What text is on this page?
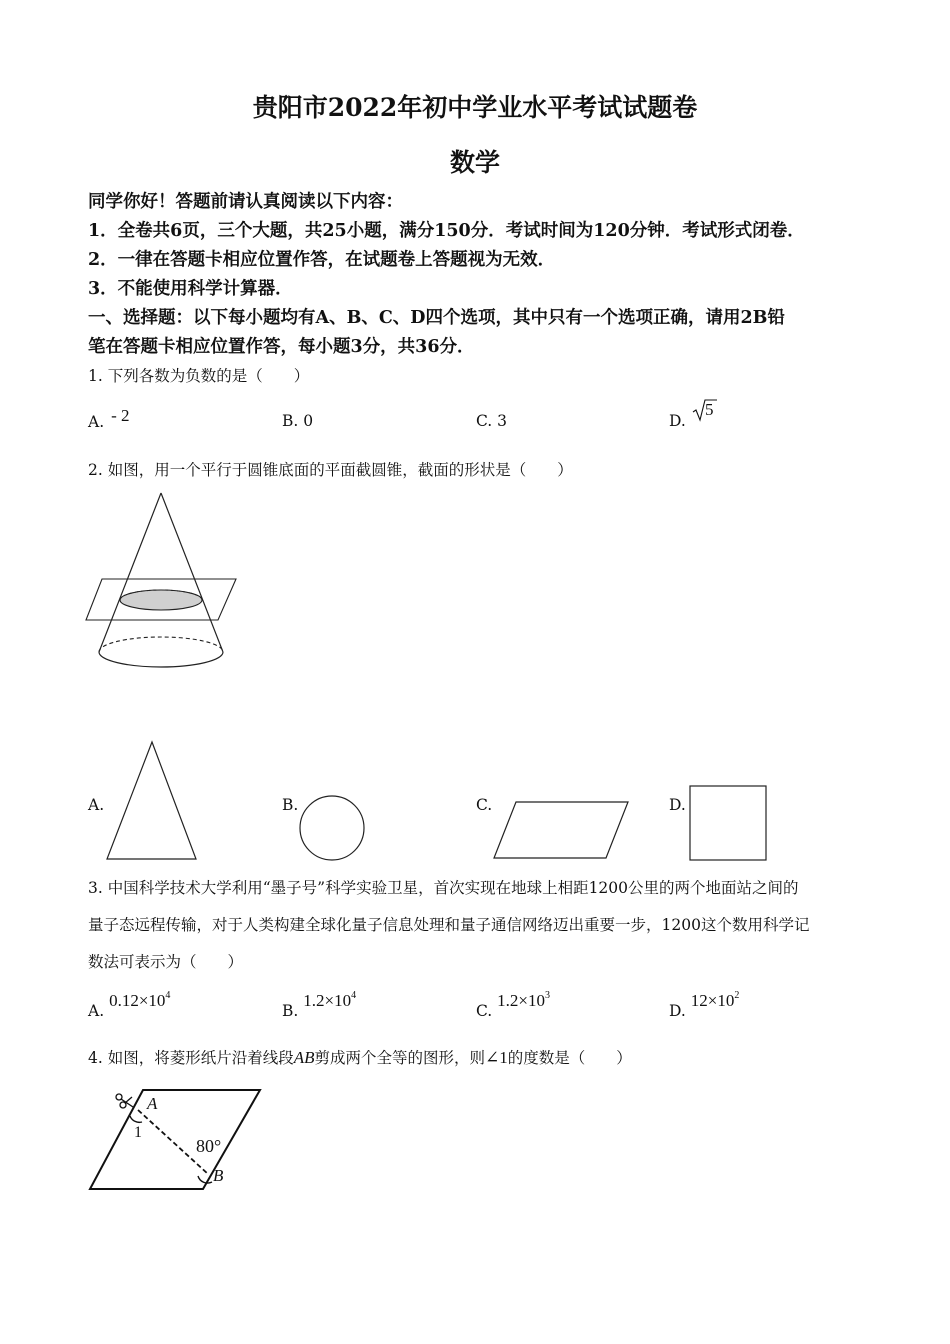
贵阳市2022年初中学业水平考试试题卷
数学
同学你好！答题前请认真阅读以下内容：
1．全卷共6页，三个大题，共25小题，满分150分．考试时间为120分钟．考试形式闭卷．
2．一律在答题卡相应位置作答，在试题卷上答题视为无效．
3．不能使用科学计算器．
一、选择题：以下每小题均有A、B、C、D四个选项，其中只有一个选项正确，请用2B铅
笔在答题卡相应位置作答，每小题3分，共36分．
1. 下列各数为负数的是（　　）
A. - 2	B. 0	C. 3	D.
5
2. 如图，用一个平行于圆锥底面的平面截圆锥，截面的形状是（　　）
A.	B.	C.	D.
3. 中国科学技术大学利用“墨子号”科学实验卫星，首次实现在地球上相距1200公里的两个地面站之间的
量子态远程传输，对于人类构建全球化量子信息处理和量子通信网络迈出重要一步，1200这个数用科学记
数法可表示为（　　）
A. $0.12\times 10^4$
B. $1.2\times 10^4$
C. $1.2\times 10^3$
D. $12\times 10^2$
4. 如图，将菱形纸片沿着线段AB剪成两个全等的图形，则∠1的度数是（　　）
A
1
80°
B
